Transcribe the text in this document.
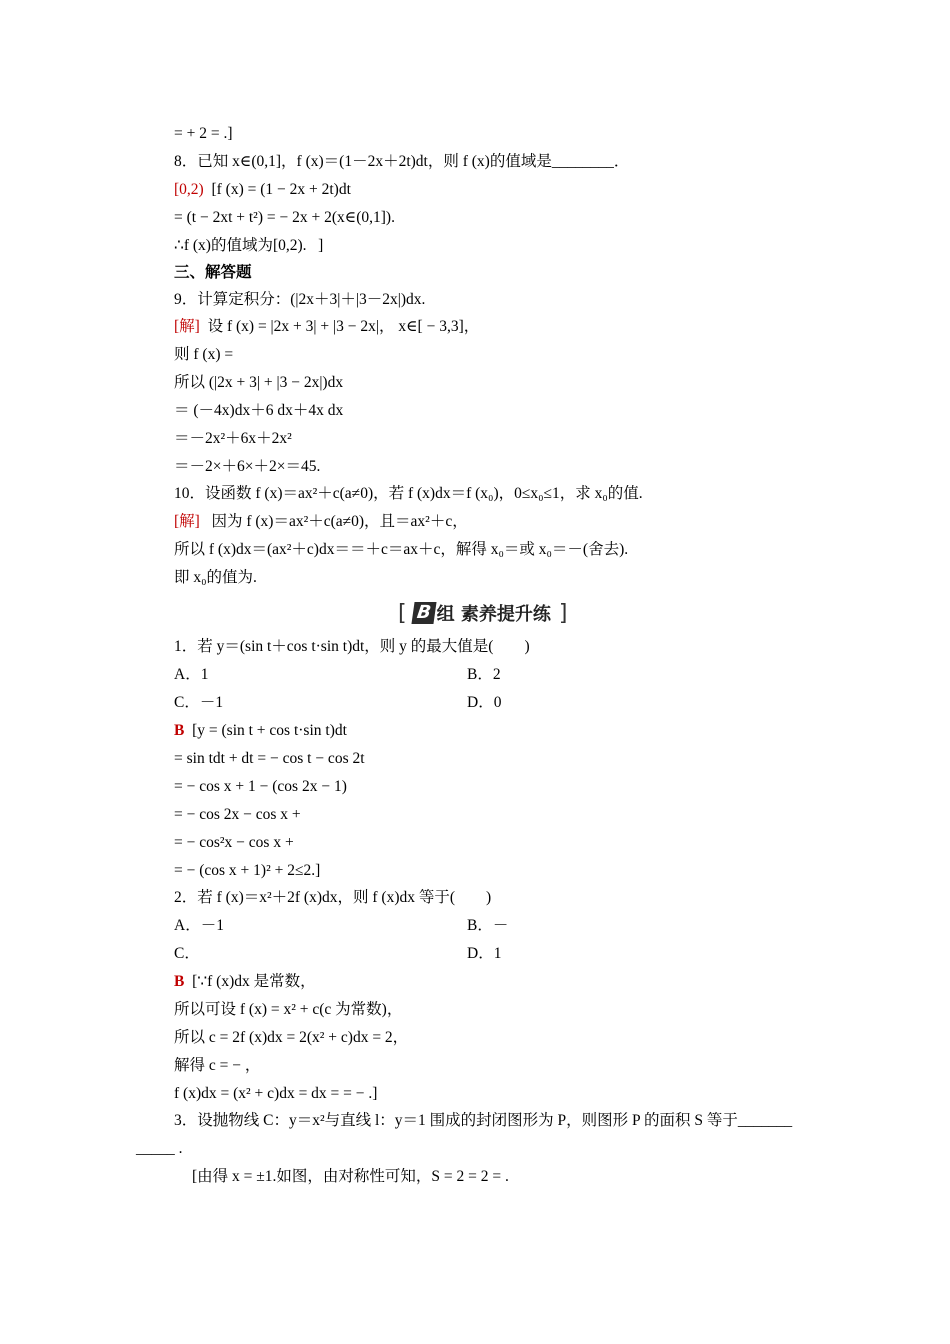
= + 2 = .]
8．已知 x∈(0,1]，f (x)＝(1－2x＋2t)dt，则 f (x)的值域是________．
[0,2)  [f (x) = (1 − 2x + 2t)dt
= (t − 2xt + t²) = − 2x + 2(x∈(0,1]).
∴f (x)的值域为[0,2).   ]
三、解答题
9．计算定积分：(|2x＋3|＋|3－2x|)dx.
[解]  设 f (x) = |2x + 3| + |3 − 2x|， x∈[ − 3,3]，
则 f (x) =
所以 (|2x + 3| + |3 − 2x|)dx
＝ (－4x)dx＋6 dx＋4x dx
＝－2x²＋6x＋2x²
＝－2×＋6×＋2×＝45.
10．设函数 f (x)＝ax²＋c(a≠0)，若 f (x)dx＝f (x₀)，0≤x₀≤1，求 x₀的值.
[解]   因为 f (x)＝ax²＋c(a≠0)，且＝ax²＋c，
所以 f (x)dx＝(ax²＋c)dx＝＝＋c＝ax＋c，解得 x₀＝或 x₀＝－(舍去).
即 x₀的值为.
[ B 组 素养提升练 ]
1．若 y＝(sin t＋cos t·sin t)dt，则 y 的最大值是(        )
A．1	B．2
C．－1	D．0
B  [y = (sin t + cos t·sin t)dt
= sin tdt + dt = − cos t − cos 2t
= − cos x + 1 − (cos 2x − 1)
= − cos 2x − cos x +
= − cos²x − cos x +
= − (cos x + 1)² + 2≤2.]
2．若 f (x)＝x²＋2f (x)dx，则 f (x)dx 等于(        )
A．－1	B．－
C．	D．1
B  [∵f (x)dx 是常数，
所以可设 f (x) = x² + c(c 为常数)，
所以 c = 2f (x)dx = 2(x² + c)dx = 2，
解得 c = − ，
f (x)dx = (x² + c)dx = dx = = − .]
3．设抛物线 C：y＝x²与直线 l：y＝1 围成的封闭图形为 P，则图形 P 的面积 S 等于_______
_____ .
[由得 x = ±1.如图，由对称性可知，S = 2 = 2 = .
